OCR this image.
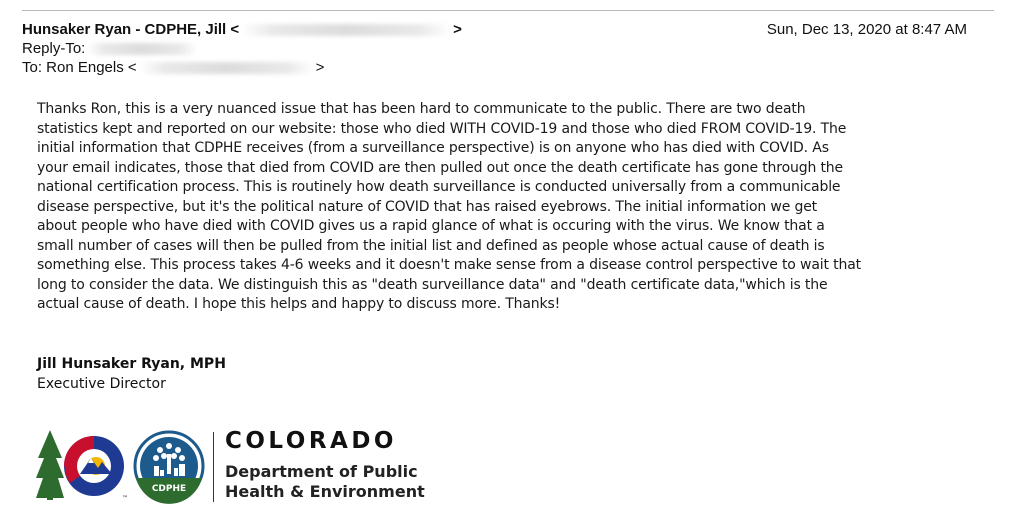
Hunsaker Ryan - CDPHE, Jill <	>	Sun, Dec 13, 2020 at 8:47 AM
Reply-To:
To: Ron Engels <	>
Thanks Ron, this is a very nuanced issue that has been hard to communicate to the public. There are two death
statistics kept and reported on our website: those who died WITH COVID-19 and those who died FROM COVID-19. The
initial information that CDPHE receives (from a surveillance perspective) is on anyone who has died with COVID. As
your email indicates, those that died from COVID are then pulled out once the death certificate has gone through the
national certification process. This is routinely how death surveillance is conducted universally from a communicable
disease perspective, but it's the political nature of COVID that has raised eyebrows. The initial information we get
about people who have died with COVID gives us a rapid glance of what is occuring with the virus. We know that a
small number of cases will then be pulled from the initial list and defined as people whose actual cause of death is
something else. This process takes 4-6 weeks and it doesn't make sense from a disease control perspective to wait that
long to consider the data. We distinguish this as "death surveillance data" and "death certificate data,"which is the
actual cause of death. I hope this helps and happy to discuss more. Thanks!
Jill Hunsaker Ryan, MPH
Executive Director
™
CDPHE
COLORADO
Department of Public
Health & Environment
